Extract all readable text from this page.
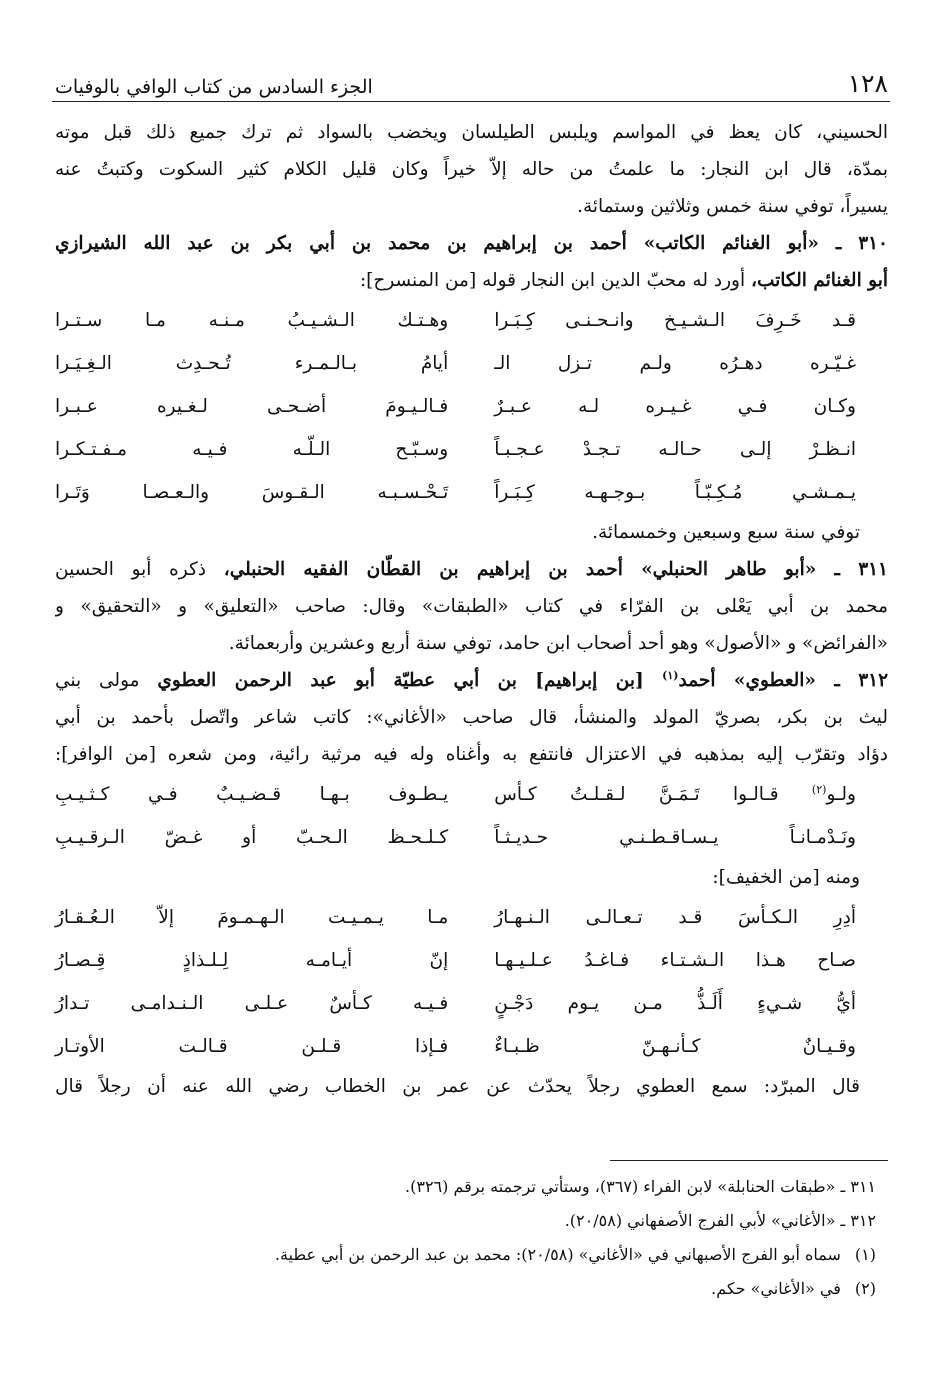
١٢٨
الجزء السادس من كتاب الوافي بالوفيات
الحسيني، كان يعظ في المواسم ويلبس الطيلسان ويخضب بالسواد ثم ترك جميع ذلك قبل موته
بمدّة، قال ابن النجار: ما علمتُ من حاله إلاّ خيراً وكان قليل الكلام كثير السكوت وكتبتُ عنه
يسيراً، توفي سنة خمس وثلاثين وستمائة.
٣١٠ ـ «أبو الغنائم الكاتب» أحمد بن إبراهيم بن محمد بن أبي بكر بن عبد الله الشيرازي
أبو الغنائم الكاتب، أورد له محبّ الدين ابن النجار قوله [من المنسرح]:
قـد خَـرِفَ الـشـيـخ وانـحـنـى كِـبَـرا
وهـتـك الـشـيـبُ مـنـه مـا سـتـرا
غـيّـره دهـرُه ولـم تـزل الـ
أيامُ بـالـمـرء تُـحـدِث الـغِـيَـرا
وكـان فـي غـيـره لـه عـبـرٌ
فـالـيـومَ أضـحـى لـغـيره عـبـرا
انـظـرْ إلـى حـالـه تـجـدْ عـجـبـاً
وسـبّـح الـلّـه فـيـه مـفـتـكـرا
يـمـشـي مُـكِـبّـاً بـوجـهـه كِـبَـراً
تَـحْـسـبـه الـقـوسَ والـعـصـا وَتَـرا
توفي سنة سبع وسبعين وخمسمائة.
٣١١ ـ «أبو طاهر الحنبلي» أحمد بن إبراهيم بن القطّان الفقيه الحنبلي، ذكره أبو الحسين
محمد بن أبي يَعْلى بن الفرّاء في كتاب «الطبقات» وقال: صاحب «التعليق» و «التحقيق» و
«الفرائض» و «الأصول» وهو أحد أصحاب ابن حامد، توفي سنة أربع وعشرين وأربعمائة.
٣١٢ ـ «العطوي» أحمد$^{(١)}$ [بن إبراهيم] بن أبي عطيّة أبو عبد الرحمن العطوي مولى بني
ليث بن بكر، بصريّ المولد والمنشأ، قال صاحب «الأغاني»: كاتب شاعر واتّصل بأحمد بن أبي
دؤاد وتقرّب إليه بمذهبه في الاعتزال فانتفع به وأغناه وله فيه مرثية رائية، ومن شعره [من الوافر]:
ولـو$^{(٢)}$ قـالـوا تَـمَـنَّ لـقـلـتُ كـأس
يـطـوف بـهـا قـضـيـبٌ فـي كـثـيـبِ
ونَـدْمـانـاً يـسـاقـطـنـي حـديـثـاً
كـلـحـظ الـحـبّ أو غـضّ الـرقـيـبِ
ومنه [من الخفيف]:
أدِرِ الـكـأسَ قـد تـعـالـى الـنـهـارُ
مـا يـمـيـت الـهـمـومَ إلاّ الـعُـقـارُ
صـاح هـذا الـشـتـاء فـاغـدُ عـلـيـهـا
إنّ أيـامـه لِـلـذاذٍ قِـصـارُ
أيُّ شـيءٍ أَلَـذُّ مـن يـوم دَجْـنٍ
فـيـه كـأسٌ عـلـى الـنـدامـى تـدارُ
وقـيـانٌ كـأنـهـنّ ظـبـاءٌ
فـإذا قـلـن قـالـت الأوتـار
قال المبرّد: سمع العطوي رجلاً يحدّث عن عمر بن الخطاب رضي الله عنه أن رجلاً قال
٣١١ ـ «طبقات الحنابلة» لابن الفراء (٣٦٧)، وستأتي ترجمته برقم (٣٢٦).
٣١٢ ـ «الأغاني» لأبي الفرج الأصفهاني (٢٠/٥٨).
(١) سماه أبو الفرج الأصبهاني في «الأغاني» (٢٠/٥٨): محمد بن عبد الرحمن بن أبي عطية.
(٢) في «الأغاني» حكم.
